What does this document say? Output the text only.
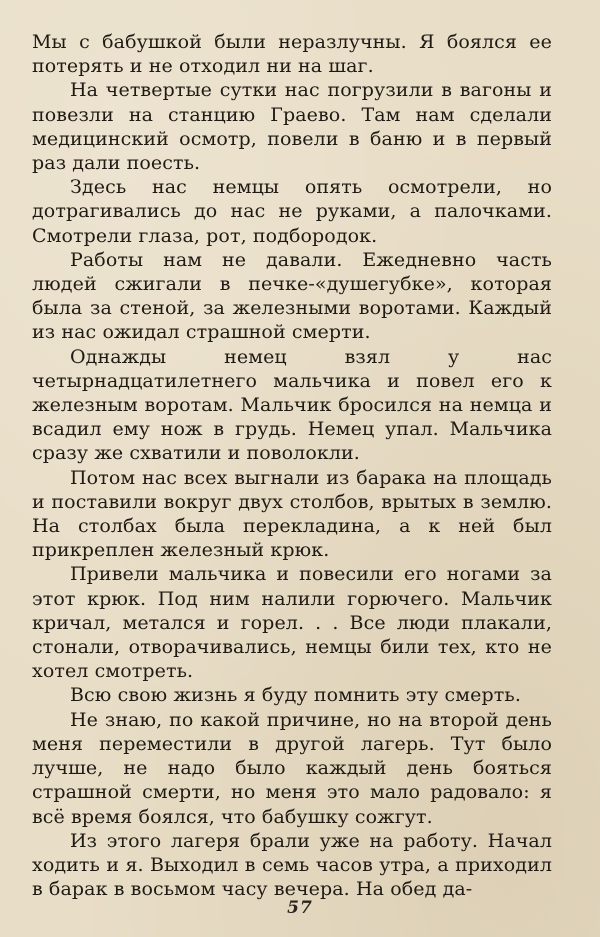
Мы с бабушкой были неразлучны. Я боялся ее потерять и не отходил ни на шаг.

На четвертые сутки нас погрузили в вагоны и повезли на станцию Граево. Там нам сделали медицинский осмотр, повели в баню и в первый раз дали поесть.

Здесь нас немцы опять осмотрели, но дотрагивались до нас не руками, а палочками. Смотрели глаза, рот, подбородок.

Работы нам не давали. Ежедневно часть людей сжигали в печке-«душегубке», которая была за стеной, за железными воротами. Каждый из нас ожидал страшной смерти.

Однажды немец взял у нас четырнадцатилетнего мальчика и повел его к железным воротам. Мальчик бросился на немца и всадил ему нож в грудь. Немец упал. Мальчика сразу же схватили и поволокли.

Потом нас всех выгнали из барака на площадь и поставили вокруг двух столбов, врытых в землю. На столбах была перекладина, а к ней был прикреплен железный крюк.

Привели мальчика и повесили его ногами за этот крюк. Под ним налили горючего. Мальчик кричал, метался и горел. . . Все люди плакали, стонали, отворачивались, немцы били тех, кто не хотел смотреть.

Всю свою жизнь я буду помнить эту смерть.

Не знаю, по какой причине, но на второй день меня переместили в другой лагерь. Тут было лучше, не надо было каждый день бояться страшной смерти, но меня это мало радовало: я всё время боялся, что бабушку сожгут.

Из этого лагеря брали уже на работу. Начал ходить и я. Выходил в семь часов утра, а приходил в барак в восьмом часу вечера. На обед да-

57
